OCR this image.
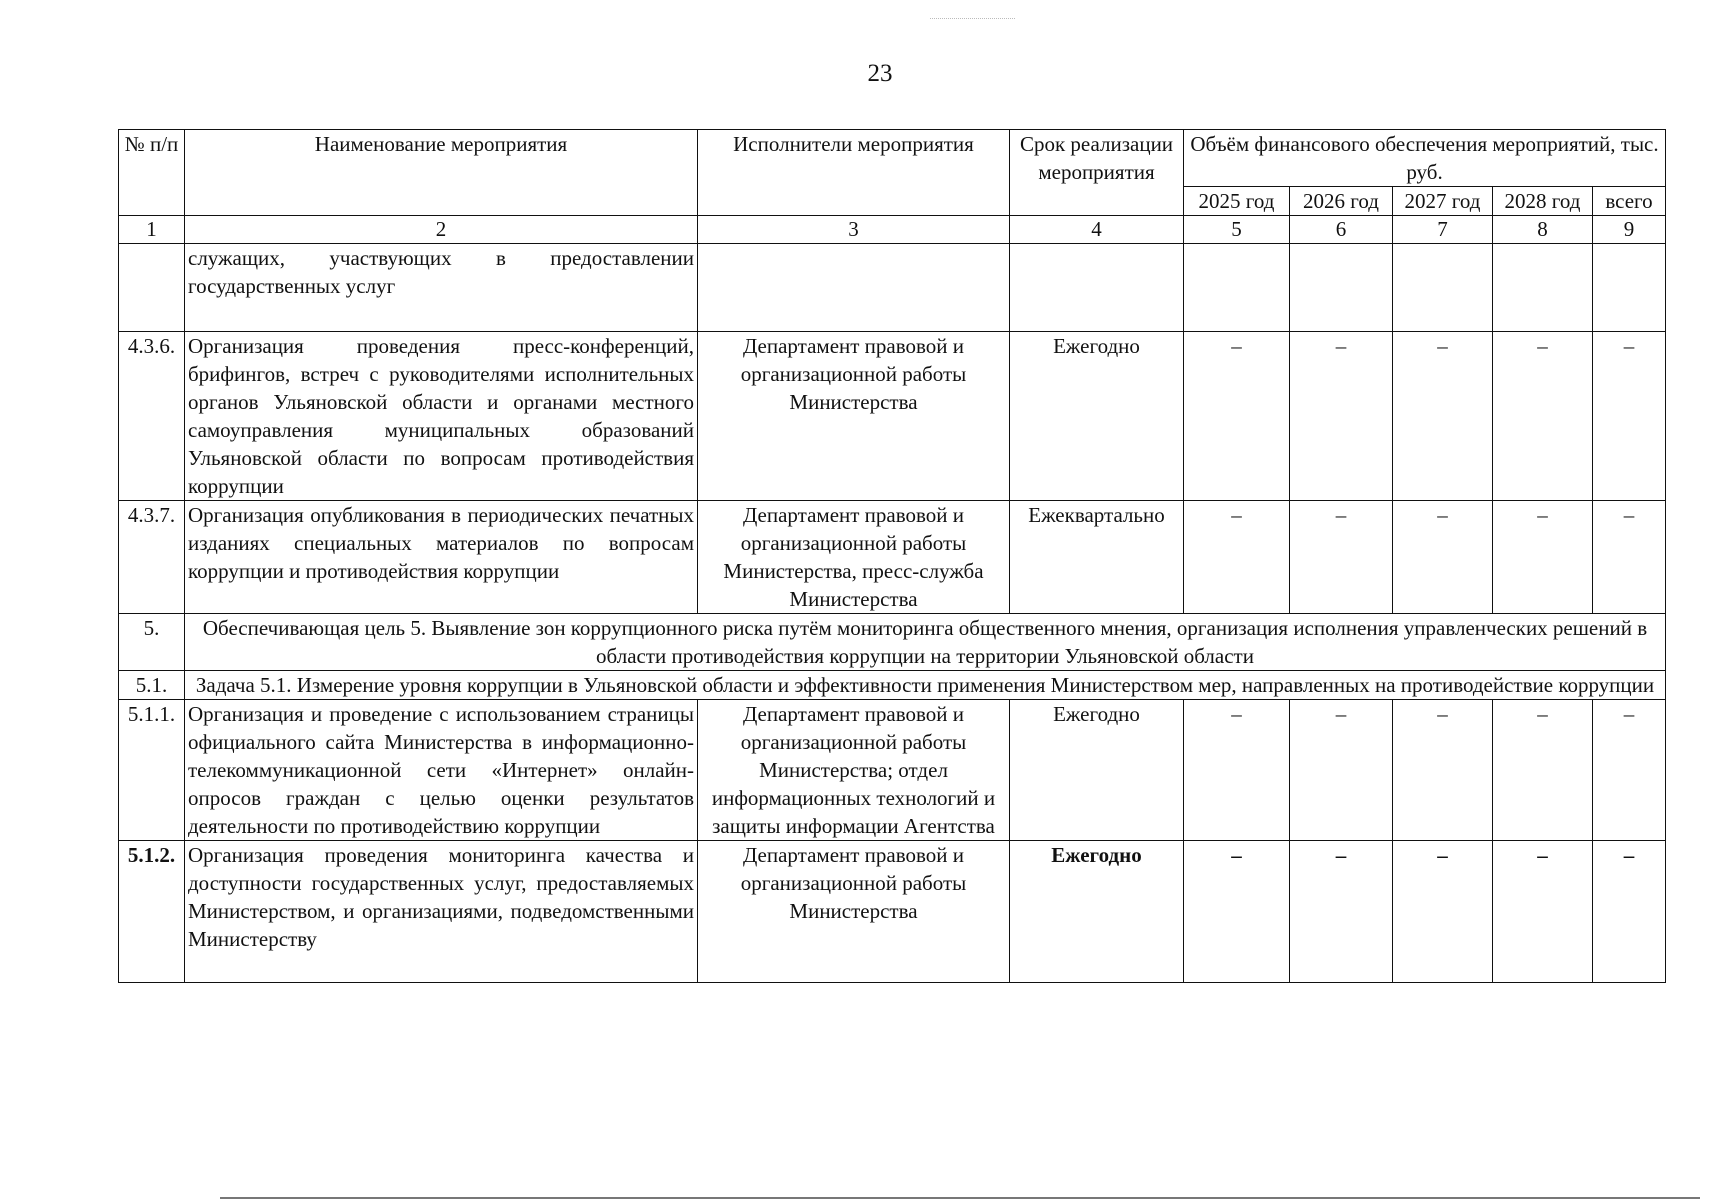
23
№ п/п	Наименование мероприятия	Исполнители мероприятия	Срок реализации мероприятия	Объём финансового обеспечения мероприятий, тыс. руб.				
				2025 год	2026 год	2027 год	2028 год	всего

1	2	3	4	5	6	7	8	9
	служащих, участвующих в предоставлении государственных услуг							
4.3.6.	Организация проведения пресс-конференций, брифингов, встреч с руководителями исполнительных органов Ульяновской области и органами местного самоуправления муниципальных образований Ульяновской области по вопросам противодействия коррупции	Департамент правовой и организационной работы Министерства	Ежегодно	–	–	–	–	–
4.3.7.	Организация опубликования в периодических печатных изданиях специальных материалов по вопросам коррупции и противодействия коррупции	Департамент правовой и организационной работы Министерства, пресс-служба Министерства	Ежеквартально	–	–	–	–	–
5.	Обеспечивающая цель 5. Выявление зон коррупционного риска путём мониторинга общественного мнения, организация исполнения управленческих решений в области противодействия коррупции на территории Ульяновской области							
5.1.	Задача 5.1. Измерение уровня коррупции в Ульяновской области и эффективности применения Министерством мер, направленных на противодействие коррупции							
5.1.1.	Организация и проведение с использованием страницы официального сайта Министерства в информационно-телекоммуникационной сети «Интернет» онлайн-опросов граждан с целью оценки результатов деятельности по противодействию коррупции	Департамент правовой и организационной работы Министерства; отдел информационных технологий и защиты информации Агентства	Ежегодно	–	–	–	–	–
5.1.2.	Организация проведения мониторинга качества и доступности государственных услуг, предоставляемых Министерством, и организациями, подведомственными Министерству	Департамент правовой и организационной работы Министерства	Ежегодно	–	–	–	–	–
